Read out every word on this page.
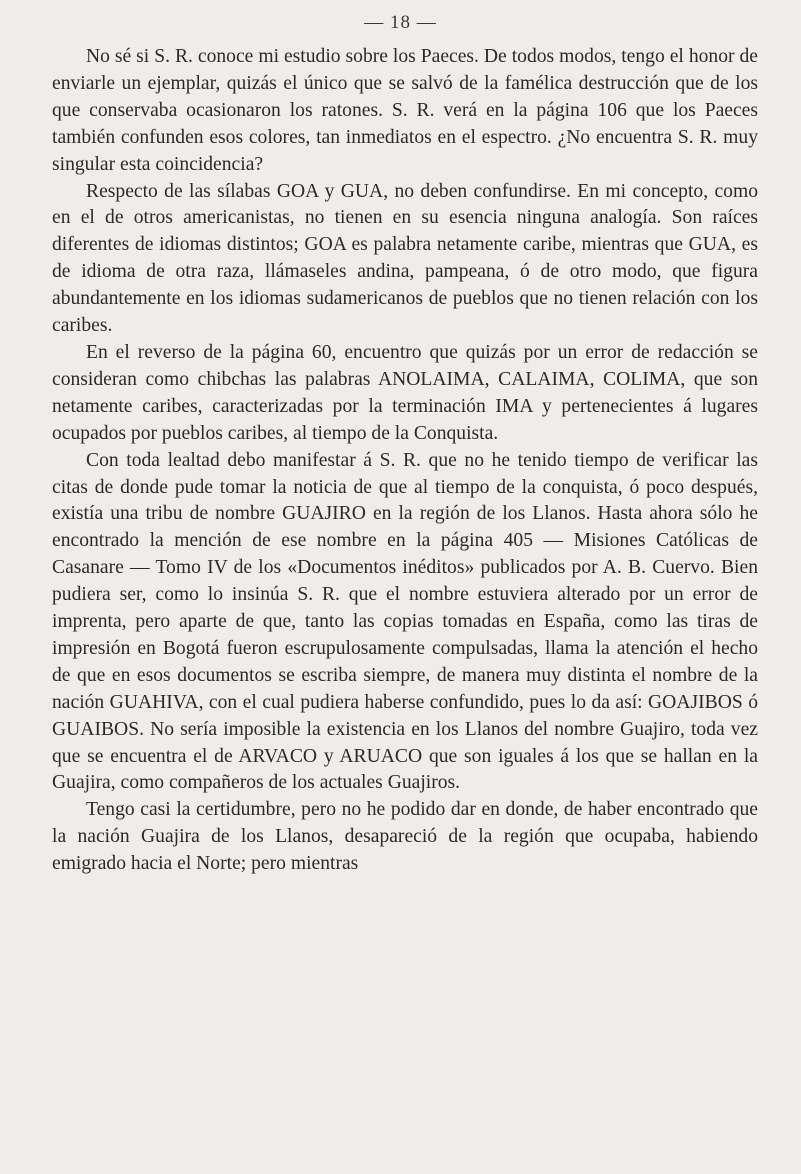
— 18 —

No sé si S. R. conoce mi estudio sobre los Paeces. De todos modos, tengo el honor de enviarle un ejemplar, quizás el único que se salvó de la famélica destrucción que de los que conservaba ocasionaron los ratones. S. R. verá en la página 106 que los Paeces también confunden esos colores, tan inmediatos en el espectro. ¿No encuentra S. R. muy singular esta coincidencia?

Respecto de las sílabas GOA y GUA, no deben confundirse. En mi concepto, como en el de otros americanistas, no tienen en su esencia ninguna analogía. Son raíces diferentes de idiomas distintos; GOA es palabra netamente caribe, mientras que GUA, es de idioma de otra raza, llámaseles andina, pampeana, ó de otro modo, que figura abundantemente en los idiomas sudamericanos de pueblos que no tienen relación con los caribes.

En el reverso de la página 60, encuentro que quizás por un error de redacción se consideran como chibchas las palabras ANOLAIMA, CALAIMA, COLIMA, que son netamente caribes, caracterizadas por la terminación IMA y pertenecientes á lugares ocupados por pueblos caribes, al tiempo de la Conquista.

Con toda lealtad debo manifestar á S. R. que no he tenido tiempo de verificar las citas de donde pude tomar la noticia de que al tiempo de la conquista, ó poco después, existía una tribu de nombre GUAJIRO en la región de los Llanos. Hasta ahora sólo he encontrado la mención de ese nombre en la página 405 — Misiones Católicas de Casanare — Tomo IV de los «Documentos inéditos» publicados por A. B. Cuervo. Bien pudiera ser, como lo insinúa S. R. que el nombre estuviera alterado por un error de imprenta, pero aparte de que, tanto las copias tomadas en España, como las tiras de impresión en Bogotá fueron escrupulosamente compulsadas, llama la atención el hecho de que en esos documentos se escriba siempre, de manera muy distinta el nombre de la nación GUAHIVA, con el cual pudiera haberse confundido, pues lo da así: GOAJIBOS ó GUAIBOS. No sería imposible la existencia en los Llanos del nombre Guajiro, toda vez que se encuentra el de ARVACO y ARUACO que son iguales á los que se hallan en la Guajira, como compañeros de los actuales Guajiros.

Tengo casi la certidumbre, pero no he podido dar en donde, de haber encontrado que la nación Guajira de los Llanos, desapareció de la región que ocupaba, habiendo emigrado hacia el Norte; pero mientras
